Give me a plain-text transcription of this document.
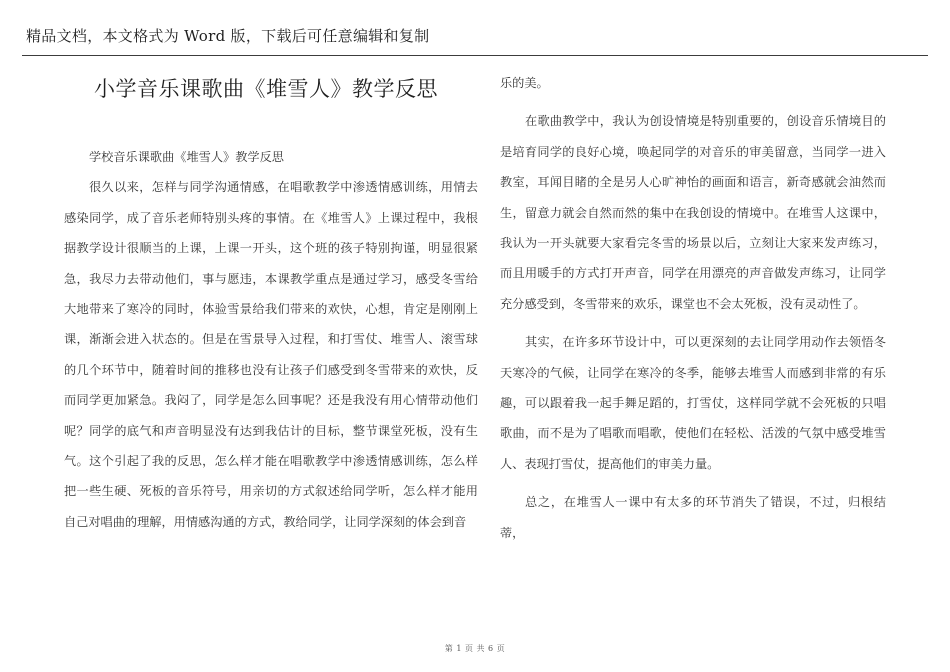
精品文档，本文格式为 Word 版，下载后可任意编辑和复制
小学音乐课歌曲《堆雪人》教学反思

学校音乐课歌曲《堆雪人》教学反思

很久以来，怎样与同学沟通情感，在唱歌教学中渗透情感训练，用情去感染同学，成了音乐老师特别头疼的事情。在《堆雪人》上课过程中，我根据教学设计很顺当的上课，上课一开头，这个班的孩子特别拘谨，明显很紧急，我尽力去带动他们，事与愿违，本课教学重点是通过学习，感受冬雪给大地带来了寒冷的同时，体验雪景给我们带来的欢快，心想，肯定是刚刚上课，渐渐会进入状态的。但是在雪景导入过程，和打雪仗、堆雪人、滚雪球的几个环节中，随着时间的推移也没有让孩子们感受到冬雪带来的欢快，反而同学更加紧急。我闷了，同学是怎么回事呢？还是我没有用心情带动他们呢？同学的底气和声音明显没有达到我估计的目标，整节课堂死板，没有生气。这个引起了我的反思，怎么样才能在唱歌教学中渗透情感训练，怎么样把一些生硬、死板的音乐符号，用亲切的方式叙述给同学听，怎么样才能用自己对唱曲的理解，用情感沟通的方式，教给同学，让同学深刻的体会到音

乐的美。

在歌曲教学中，我认为创设情境是特别重要的，创设音乐情境目的是培育同学的良好心境，唤起同学的对音乐的审美留意，当同学一进入教室，耳闻目睹的全是另人心旷神怡的画面和语言，新奇感就会油然而生，留意力就会自然而然的集中在我创设的情境中。在堆雪人这课中，我认为一开头就要大家看完冬雪的场景以后，立刻让大家来发声练习，而且用暖手的方式打开声音，同学在用漂亮的声音做发声练习，让同学充分感受到，冬雪带来的欢乐，课堂也不会太死板，没有灵动性了。

其实，在许多环节设计中，可以更深刻的去让同学用动作去领悟冬天寒冷的气候，让同学在寒冷的冬季，能够去堆雪人而感到非常的有乐趣，可以跟着我一起手舞足蹈的，打雪仗，这样同学就不会死板的只唱歌曲，而不是为了唱歌而唱歌，使他们在轻松、活泼的气氛中感受堆雪人、表现打雪仗，提高他们的审美力量。

总之，在堆雪人一课中有太多的环节消失了错误，不过，归根结蒂，

第 1 页 共 6 页
